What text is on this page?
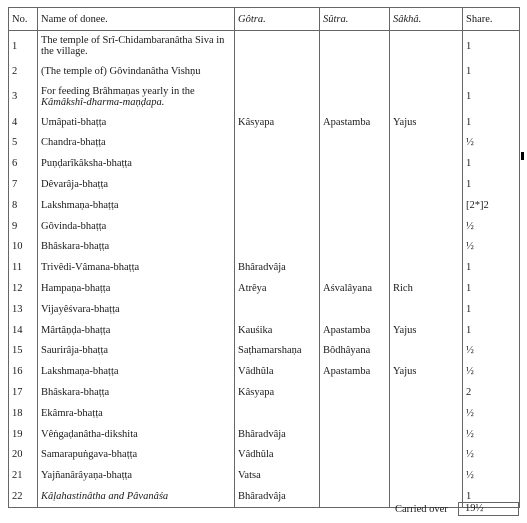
No.	Name of donee.	Gôtra.	Sûtra.	Sâkhâ.	Share.
1	The temple of Srî-Chidambaranâtha Siva in the village.				1
2	(The temple of) Gôvindanâtha Vishṇu				1
3	For feeding Brâhmaṇas yearly in the
Kâmâkshî-dharma-maṇḍapa.				1
4	Umâpati-bhaṭṭa	Kâsyapa	Apastamba	Yajus	1
5	Chandra-bhaṭṭa				½
6	Puṇḍarîkâksha-bhaṭṭa				1
7	Dêvarâja-bhaṭṭa				1
8	Lakshmaṇa-bhaṭṭa				[2*]2
9	Gôvinda-bhaṭṭa				½
10	Bhâskara-bhaṭṭa				½
11	Trivêdi-Vâmana-bhaṭṭa	Bhâradvâja			1
12	Hampaṇa-bhaṭṭa	Atrêya	Aśvalâyana	Rich	1
13	Vijayêśvara-bhaṭṭa				1
14	Mârtâṇḍa-bhaṭṭa	Kauśika	Apastamba	Yajus	1
15	Saurirâja-bhaṭṭa	Saṭhamarshaṇa	Bôdhâyana		½
16	Lakshmaṇa-bhaṭṭa	Vâdhûla	Apastamba	Yajus	½
17	Bhâskara-bhaṭṭa	Kâsyapa			2
18	Ekâmra-bhaṭṭa				½
19	Vêṅgaḍanâtha-dikshita	Bhâradvâja			½
20	Samarapuṅgava-bhaṭṭa	Vâdhûla			½
21	Yajñanârâyaṇa-bhaṭṭa	Vatsa			½
22	Kâḷahastinâtha and Pâvanâśa	Bhâradvâja			1
Carried over	19½
